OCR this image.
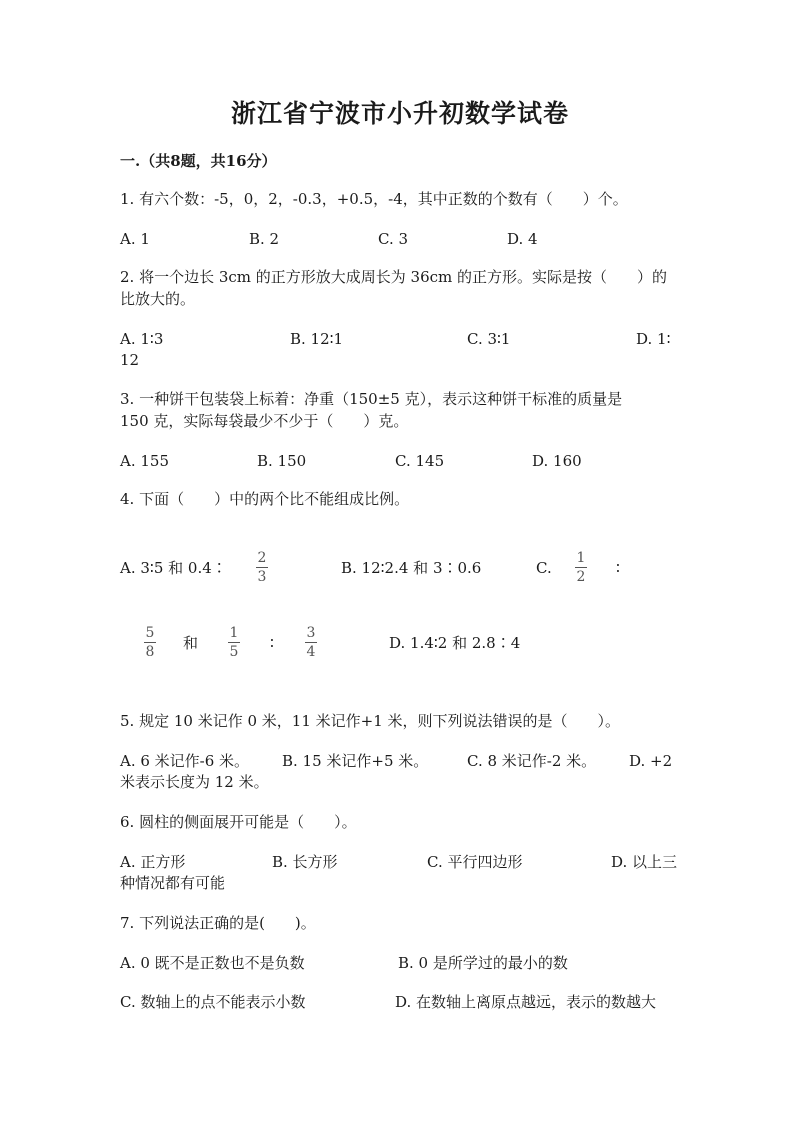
浙江省宁波市小升初数学试卷
一.（共8题，共16分）
1. 有六个数：-5，0，2，-0.3，+0.5，-4，其中正数的个数有（　　）个。
A. 1	B. 2	C. 3	D. 4
2. 将一个边长 3cm 的正方形放大成周长为 36cm 的正方形。实际是按（　　）的
比放大的。
A. 1∶3	B. 12∶1	C. 3∶1	D. 1∶
12
3. 一种饼干包装袋上标着：净重（150±5 克），表示这种饼干标准的质量是
150 克，实际每袋最少不少于（　　）克。
A. 155	B. 150	C. 145	D. 160
4. 下面（　　）中的两个比不能组成比例。
A. 3∶5 和 0.4∶
2
3	B. 12∶2.4 和 3∶0.6	C.
1
2 ∶
5
8 和
1
5 ∶
3
4	D. 1.4∶2 和 2.8∶4
5. 规定 10 米记作 0 米，11 米记作+1 米，则下列说法错误的是（　　）。
A. 6 米记作-6 米。 B. 15 米记作+5 米。	C. 8 米记作-2 米。 D. +2
米表示长度为 12 米。
6. 圆柱的侧面展开可能是（　　）。
A. 正方形	B. 长方形	C. 平行四边形	D. 以上三
种情况都有可能
7. 下列说法正确的是(　　)。
A. 0 既不是正数也不是负数	B. 0 是所学过的最小的数
C. 数轴上的点不能表示小数	D. 在数轴上离原点越远，表示的数越大
